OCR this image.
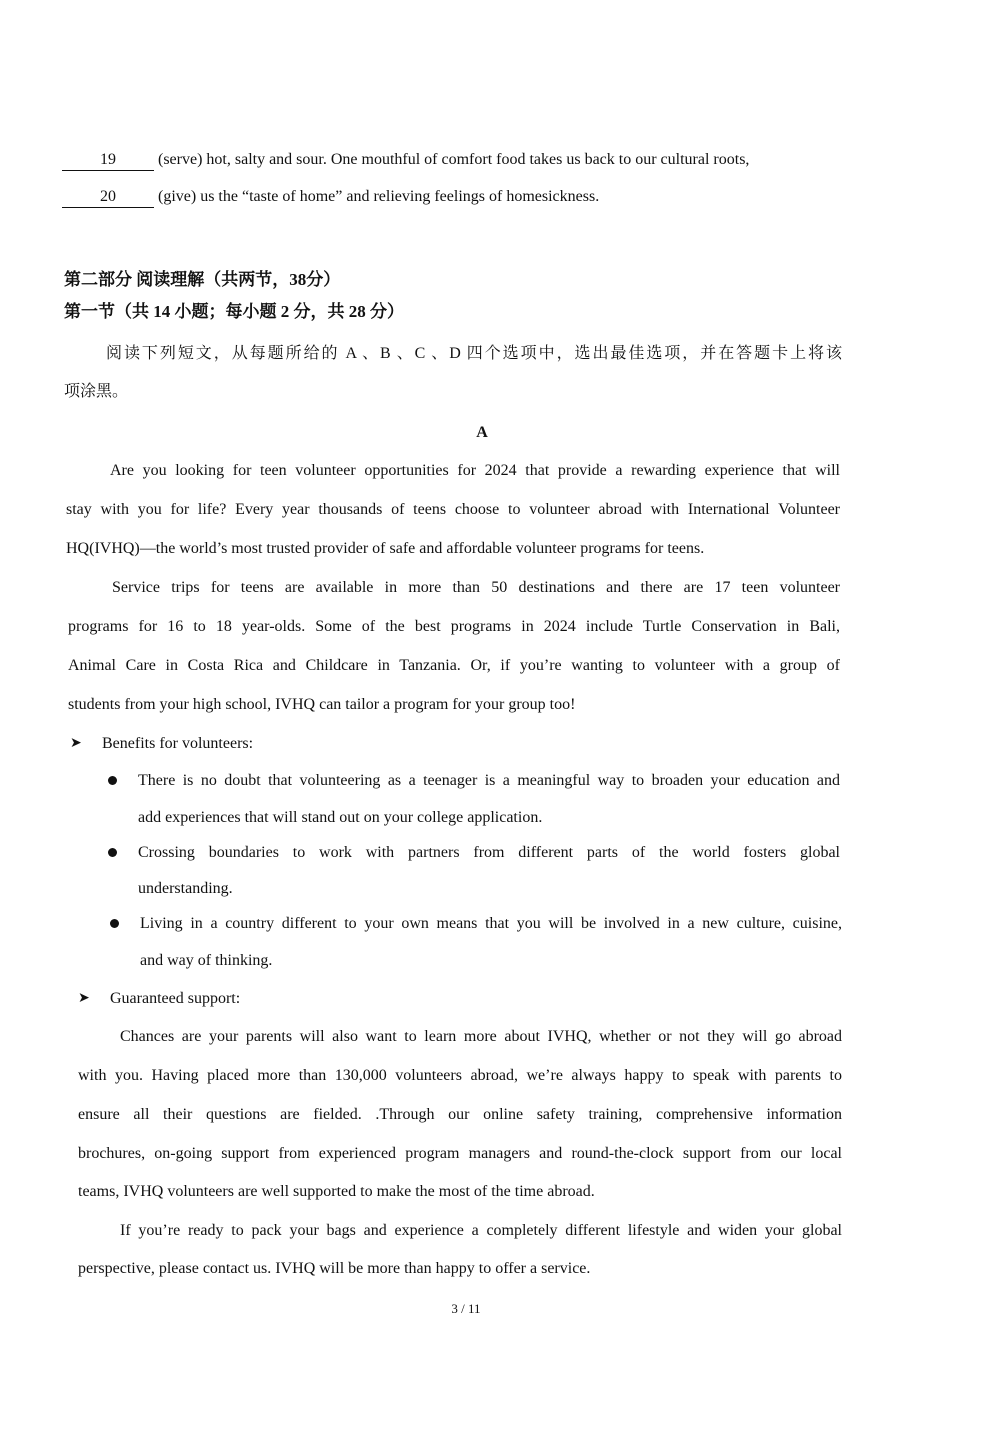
19	(serve) hot, salty and sour. One mouthful of comfort food takes us back to our cultural roots,
20	(give) us the “taste of home” and relieving feelings of homesickness.
第二部分 阅读理解（共两节，38分）
第一节（共 14 小题；每小题 2 分，共 28 分）
阅读下列短文，从每题所给的 A 、B 、C 、D 四个选项中，选出最佳选项，并在答题卡上将该
项涂黑。
A
Are you looking for teen volunteer opportunities for 2024 that provide a rewarding experience that will
stay with you for life? Every year thousands of teens choose to volunteer abroad with International Volunteer
HQ(IVHQ)—the world’s most trusted provider of safe and affordable volunteer programs for teens.
Service trips for teens are available in more than 50 destinations and there are 17 teen volunteer
programs for 16 to 18 year-olds. Some of the best programs in 2024 include Turtle Conservation in Bali,
Animal Care in Costa Rica and Childcare in Tanzania. Or, if you’re wanting to volunteer with a group of
students from your high school, IVHQ can tailor a program for your group too!
➤ Benefits for volunteers:
There is no doubt that volunteering as a teenager is a meaningful way to broaden your education and
add experiences that will stand out on your college application.
Crossing boundaries to work with partners from different parts of the world fosters global
understanding.
Living in a country different to your own means that you will be involved in a new culture, cuisine,
and way of thinking.
➤ Guaranteed support:
Chances are your parents will also want to learn more about IVHQ, whether or not they will go abroad
with you. Having placed more than 130,000 volunteers abroad, we’re always happy to speak with parents to
ensure all their questions are fielded. .Through our online safety training, comprehensive information
brochures, on-going support from experienced program managers and round-the-clock support from our local
teams, IVHQ volunteers are well supported to make the most of the time abroad.
If you’re ready to pack your bags and experience a completely different lifestyle and widen your global
perspective, please contact us. IVHQ will be more than happy to offer a service.
3 / 11
